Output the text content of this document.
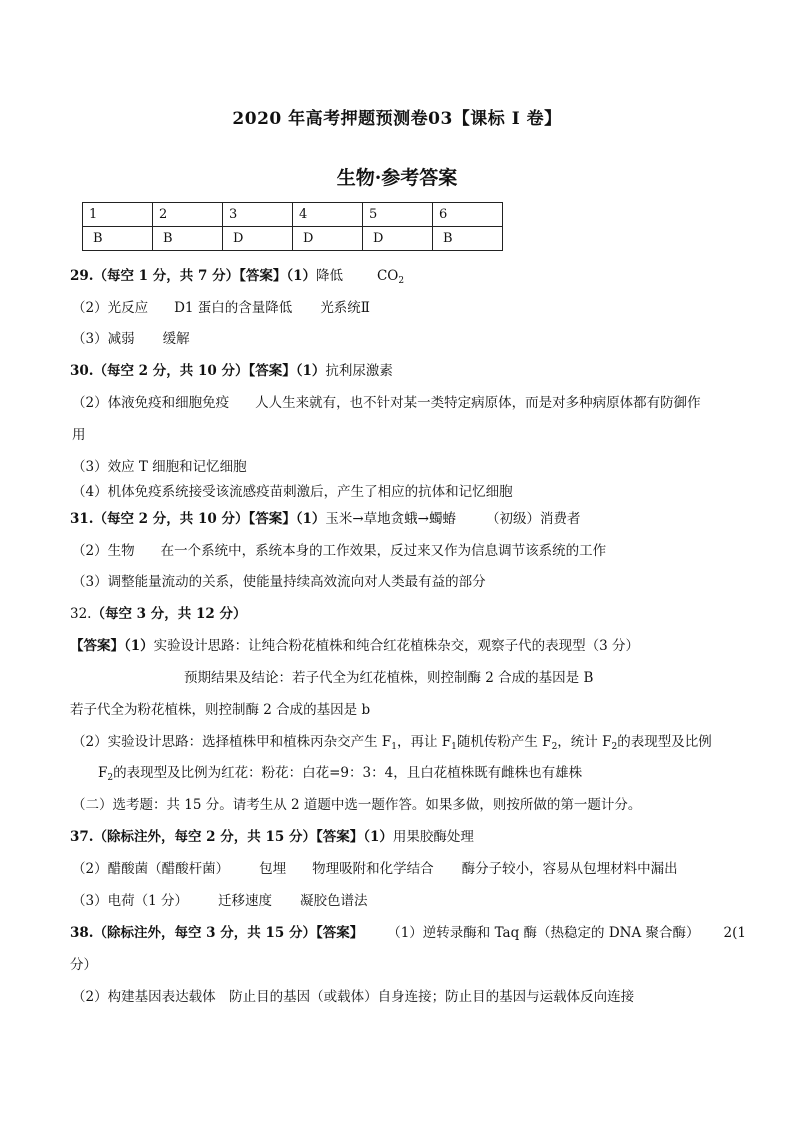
2020 年高考押题预测卷03【课标 I 卷】
生物·参考答案
1	2	3	4	5	6
B	B	D	D	D	B
29.（每空 1 分，共 7 分）【答案】（1）降低	$CO_2$
（2）光反应 D1 蛋白的含量降低 光系统Ⅱ
（3）减弱 缓解
30.（每空 2 分，共 10 分）【答案】（1）抗利尿激素
（2）体液免疫和细胞免疫 人人生来就有，也不针对某一类特定病原体，而是对多种病原体都有防御作
用
（3）效应 T 细胞和记忆细胞
（4）机体免疫系统接受该流感疫苗刺激后，产生了相应的抗体和记忆细胞
31.（每空 2 分，共 10 分）【答案】（1）玉米→草地贪蛾→蠋蝽 （初级）消费者
（2）生物 在一个系统中，系统本身的工作效果，反过来又作为信息调节该系统的工作
（3）调整能量流动的关系，使能量持续高效流向对人类最有益的部分
32.（每空 3 分，共 12 分）
【答案】（1）实验设计思路：让纯合粉花植株和纯合红花植株杂交，观察子代的表现型（3 分）
预期结果及结论：若子代全为红花植株，则控制酶 2 合成的基因是 B
若子代全为粉花植株，则控制酶 2 合成的基因是 b
（2）实验设计思路：选择植株甲和植株丙杂交产生 $F_1$，再让 $F_1$随机传粉产生 $F_2$，统计 $F_2$的表现型及比例
$F_2$的表现型及比例为红花：粉花：白花=9：3：4，且白花植株既有雌株也有雄株
（二）选考题：共 15 分。请考生从 2 道题中选一题作答。如果多做，则按所做的第一题计分。
37.（除标注外，每空 2 分，共 15 分）【答案】（1）用果胶酶处理
（2）醋酸菌（醋酸杆菌） 包埋 物理吸附和化学结合 酶分子较小，容易从包埋材料中漏出
（3）电荷（1 分） 迁移速度 凝胶色谱法
38.（除标注外，每空 3 分，共 15 分）【答案】 （1）逆转录酶和 Taq 酶（热稳定的 DNA 聚合酶） 2(1
分）
（2）构建基因表达载体　防止目的基因（或载体）自身连接；防止目的基因与运载体反向连接
